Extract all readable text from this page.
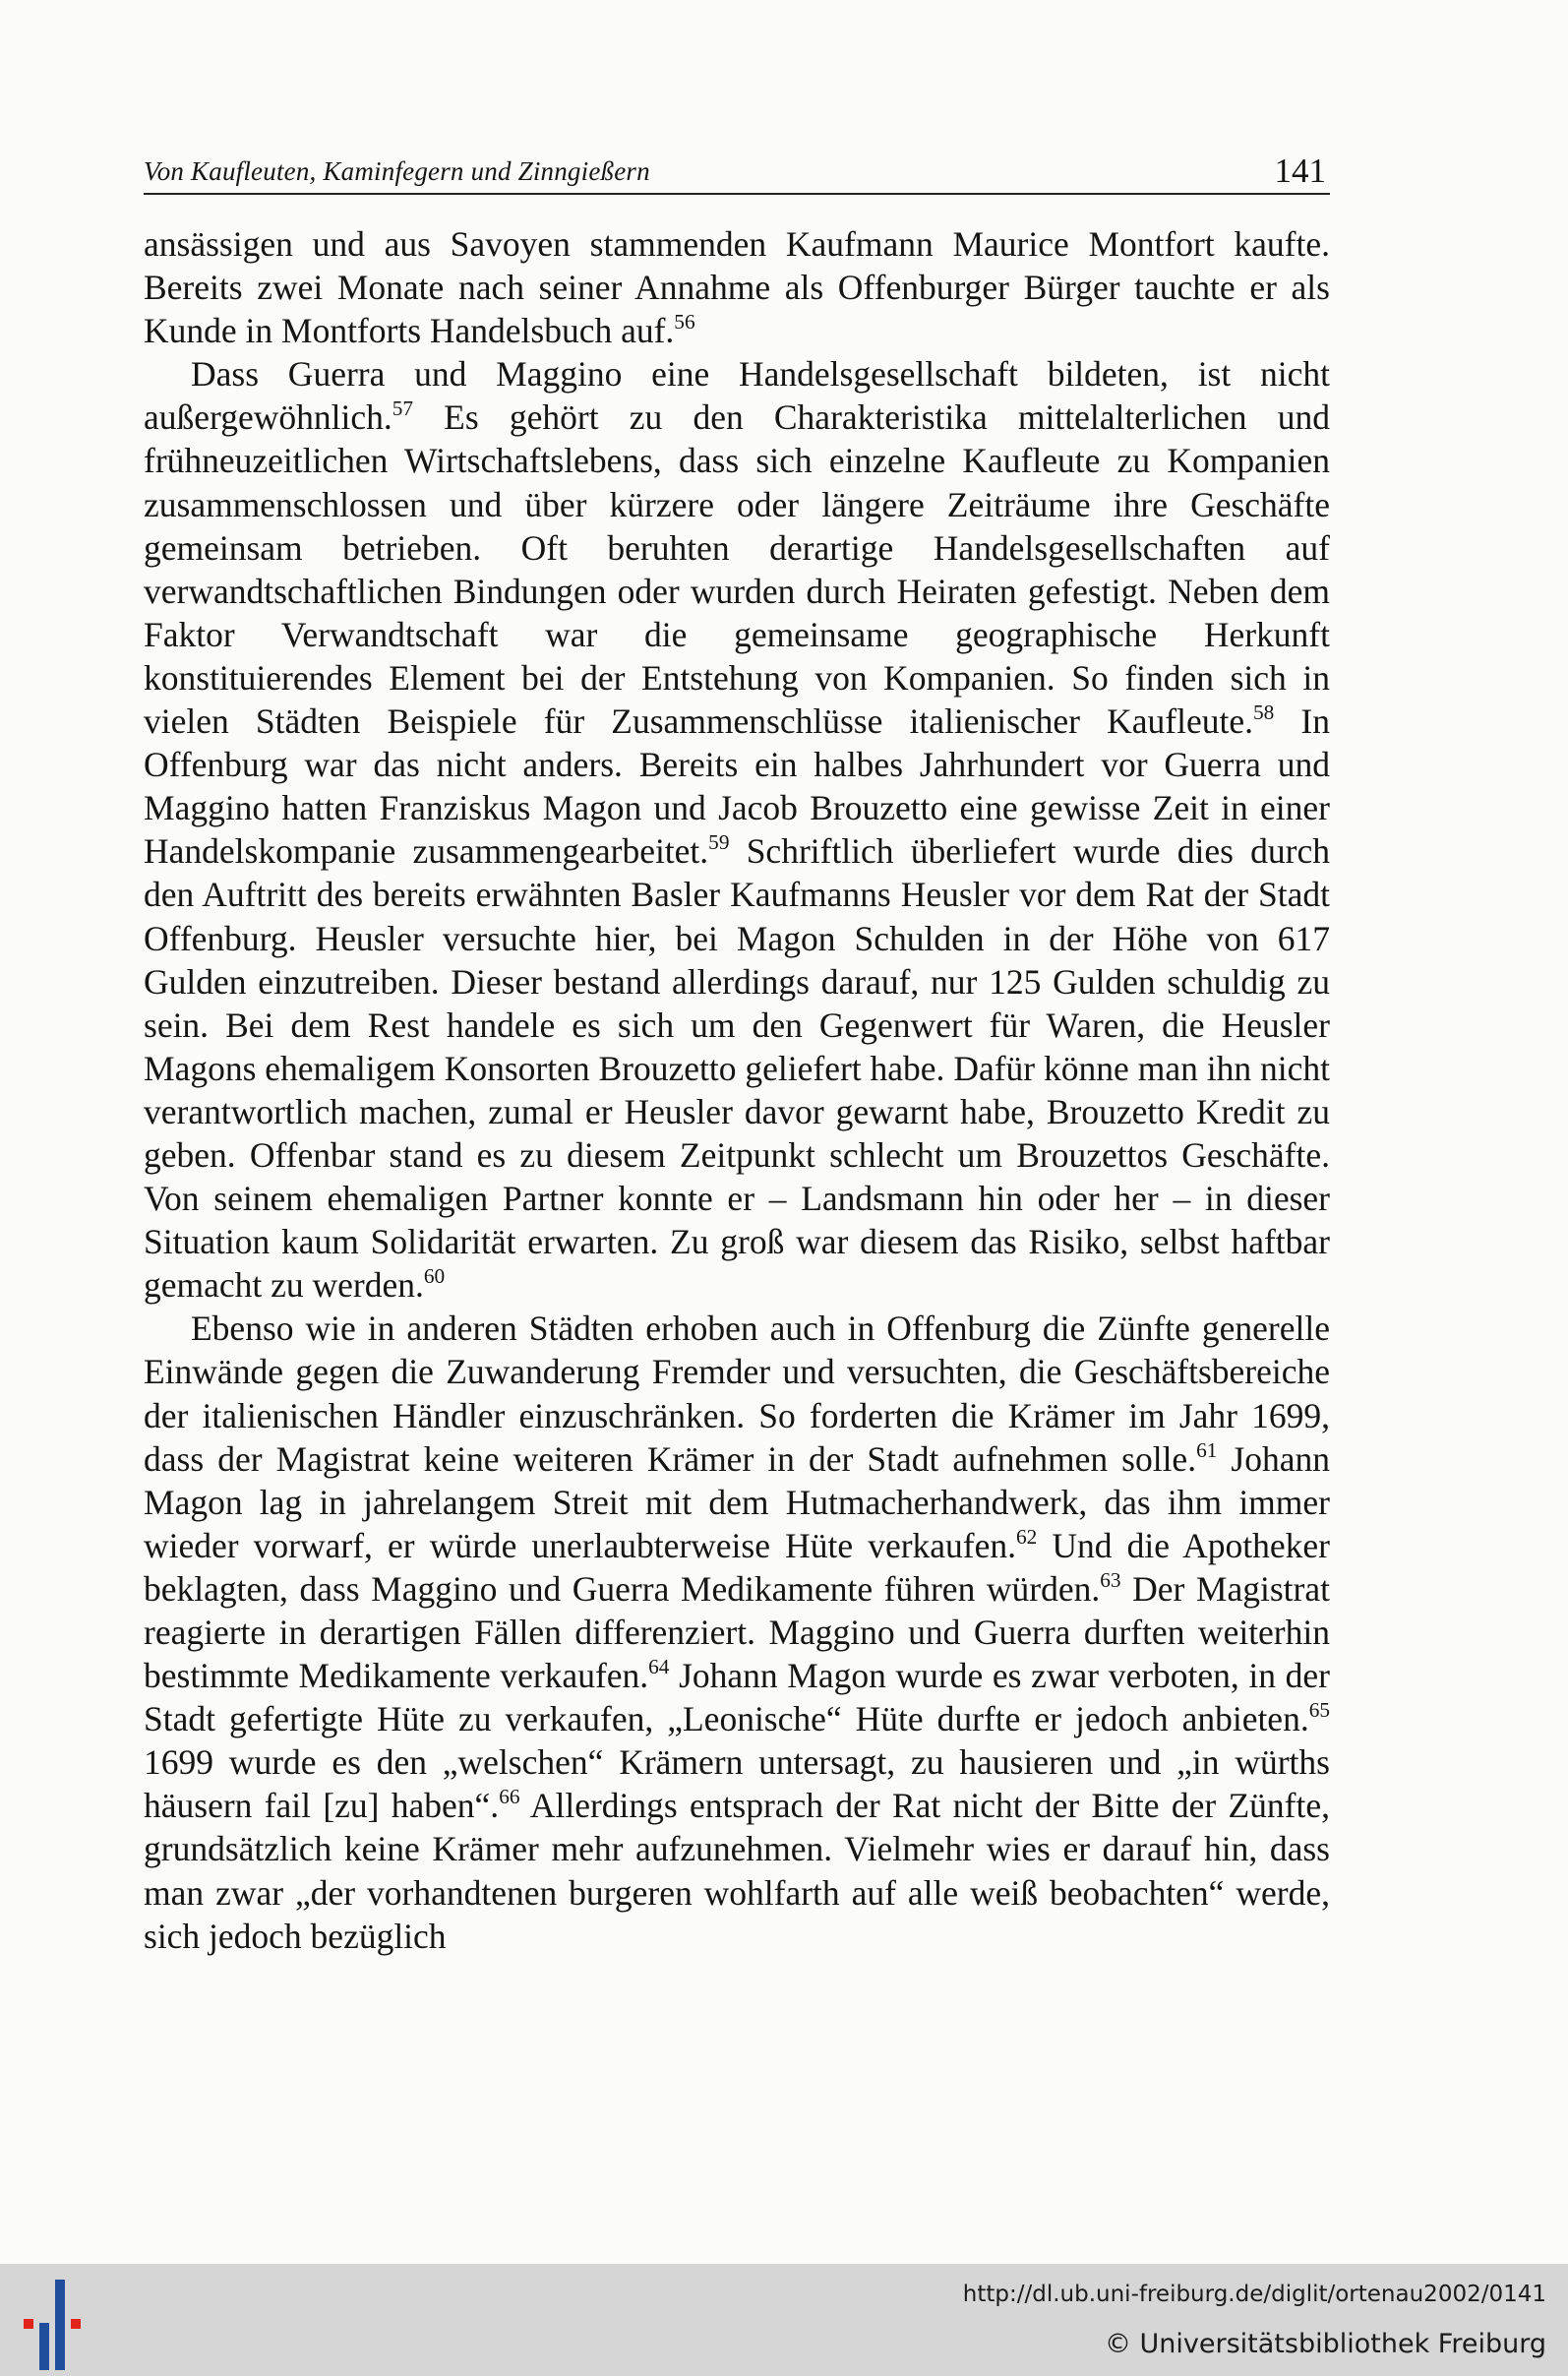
Von Kaufleuten, Kaminfegern und Zinngießern	141

ansässigen und aus Savoyen stammenden Kaufmann Maurice Montfort kaufte. Bereits zwei Monate nach seiner Annahme als Offenburger Bürger tauchte er als Kunde in Montforts Handelsbuch auf.$^{56}$

Dass Guerra und Maggino eine Handelsgesellschaft bildeten, ist nicht außergewöhnlich.$^{57}$ Es gehört zu den Charakteristika mittelalterlichen und frühneuzeitlichen Wirtschaftslebens, dass sich einzelne Kaufleute zu Kompanien zusammenschlossen und über kürzere oder längere Zeiträume ihre Geschäfte gemeinsam betrieben. Oft beruhten derartige Handelsgesellschaften auf verwandtschaftlichen Bindungen oder wurden durch Heiraten gefestigt. Neben dem Faktor Verwandtschaft war die gemeinsame geographische Herkunft konstituierendes Element bei der Entstehung von Kompanien. So finden sich in vielen Städten Beispiele für Zusammenschlüsse italienischer Kaufleute.$^{58}$ In Offenburg war das nicht anders. Bereits ein halbes Jahrhundert vor Guerra und Maggino hatten Franziskus Magon und Jacob Brouzetto eine gewisse Zeit in einer Handelskompanie zusammengearbeitet.$^{59}$ Schriftlich überliefert wurde dies durch den Auftritt des bereits erwähnten Basler Kaufmanns Heusler vor dem Rat der Stadt Offenburg. Heusler versuchte hier, bei Magon Schulden in der Höhe von 617 Gulden einzutreiben. Dieser bestand allerdings darauf, nur 125 Gulden schuldig zu sein. Bei dem Rest handele es sich um den Gegenwert für Waren, die Heusler Magons ehemaligem Konsorten Brouzetto geliefert habe. Dafür könne man ihn nicht verantwortlich machen, zumal er Heusler davor gewarnt habe, Brouzetto Kredit zu geben. Offenbar stand es zu diesem Zeitpunkt schlecht um Brouzettos Geschäfte. Von seinem ehemaligen Partner konnte er – Landsmann hin oder her – in dieser Situation kaum Solidarität erwarten. Zu groß war diesem das Risiko, selbst haftbar gemacht zu werden.$^{60}$

Ebenso wie in anderen Städten erhoben auch in Offenburg die Zünfte generelle Einwände gegen die Zuwanderung Fremder und versuchten, die Geschäftsbereiche der italienischen Händler einzuschränken. So forderten die Krämer im Jahr 1699, dass der Magistrat keine weiteren Krämer in der Stadt aufnehmen solle.$^{61}$ Johann Magon lag in jahrelangem Streit mit dem Hutmacherhandwerk, das ihm immer wieder vorwarf, er würde unerlaubterweise Hüte verkaufen.$^{62}$ Und die Apotheker beklagten, dass Maggino und Guerra Medikamente führen würden.$^{63}$ Der Magistrat reagierte in derartigen Fällen differenziert. Maggino und Guerra durften weiterhin bestimmte Medikamente verkaufen.$^{64}$ Johann Magon wurde es zwar verboten, in der Stadt gefertigte Hüte zu verkaufen, „Leonische“ Hüte durfte er jedoch anbieten.$^{65}$ 1699 wurde es den „welschen“ Krämern untersagt, zu hausieren und „in würths häusern fail [zu] haben“.$^{66}$ Allerdings entsprach der Rat nicht der Bitte der Zünfte, grundsätzlich keine Krämer mehr aufzunehmen. Vielmehr wies er darauf hin, dass man zwar „der vorhandtenen burgeren wohlfarth auf alle weiß beobachten“ werde, sich jedoch bezüglich

http://dl.ub.uni-freiburg.de/diglit/ortenau2002/0141
© Universitätsbibliothek Freiburg
